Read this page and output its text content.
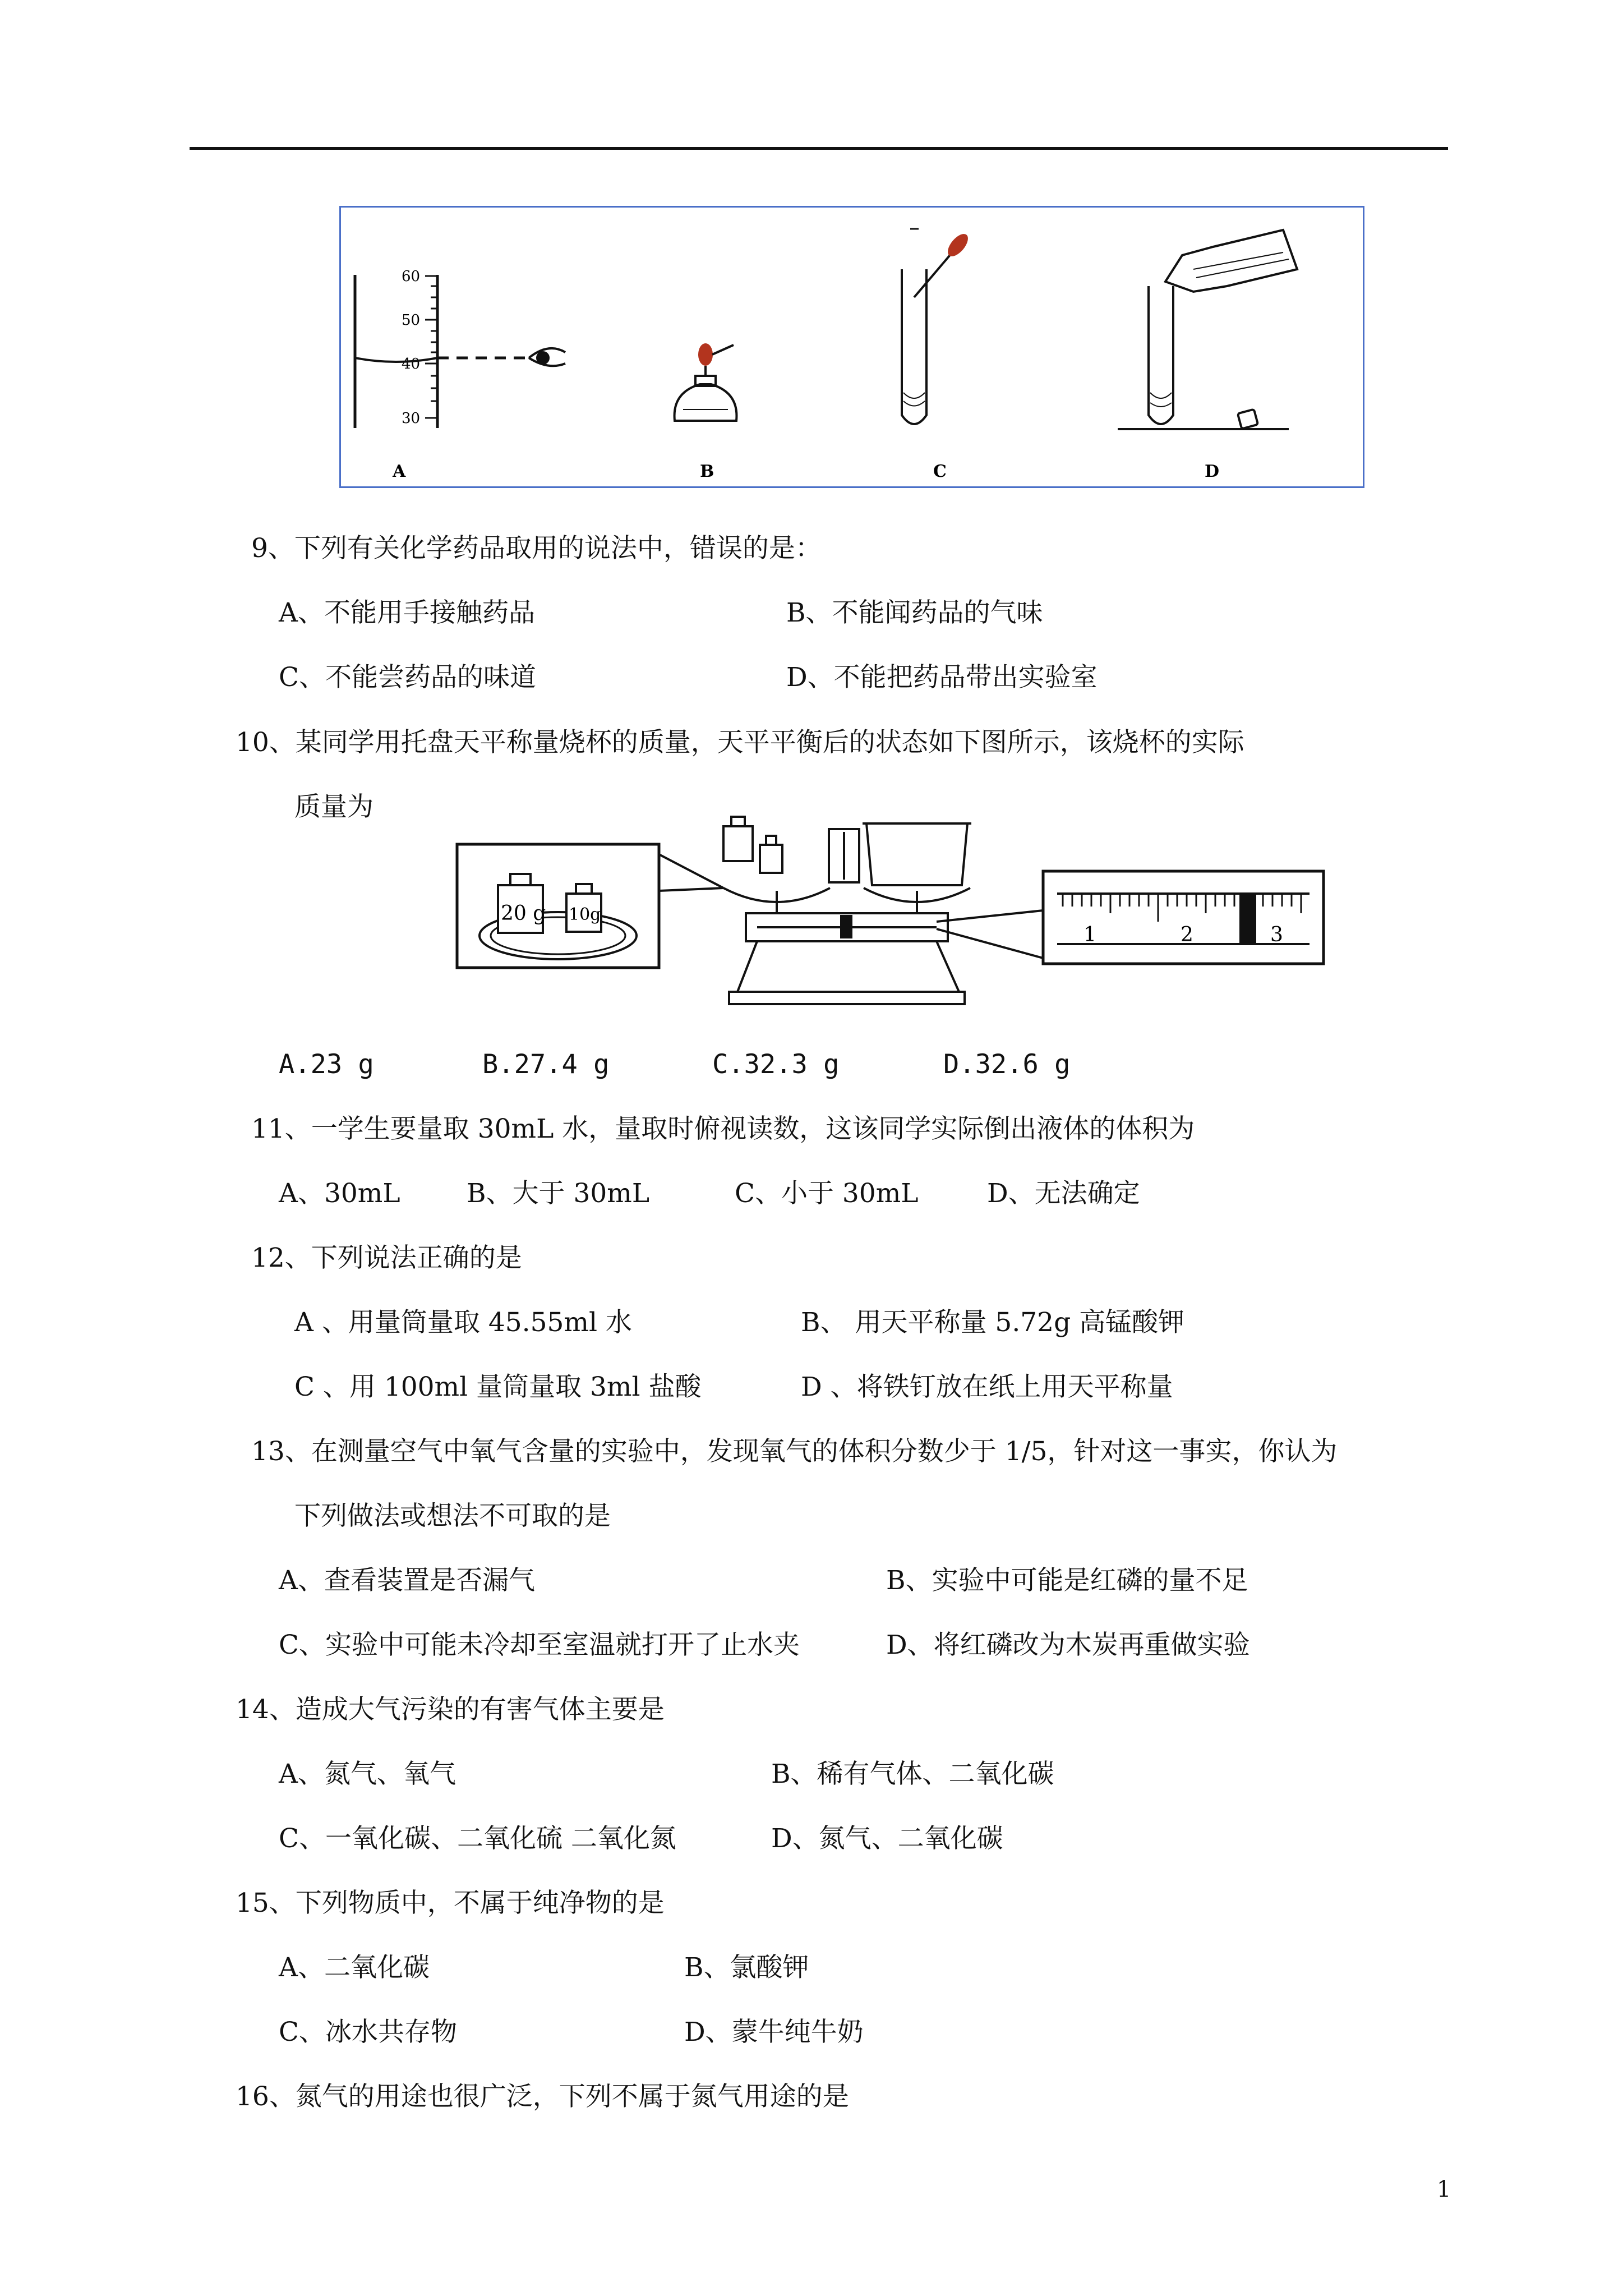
60
50
40
30
A	B	C	D
9、下列有关化学药品取用的说法中，错误的是：
A、不能用手接触药品	B、不能闻药品的气味
C、不能尝药品的味道	D、不能把药品带出实验室
10、某同学用托盘天平称量烧杯的质量，天平平衡后的状态如下图所示，该烧杯的实际
质量为
20 g 10g
1	2	3
A.23 g	B.27.4 g	C.32.3 g	D.32.6 g
11、一学生要量取 30mL 水，量取时俯视读数，这该同学实际倒出液体的体积为
A、30mL	B、大于 30mL	C、小于 30mL	D、无法确定
12、下列说法正确的是
A 、用量筒量取 45.55ml 水	B、 用天平称量 5.72g 高锰酸钾
C 、用 100ml 量筒量取 3ml 盐酸	D 、将铁钉放在纸上用天平称量
13、在测量空气中氧气含量的实验中，发现氧气的体积分数少于 1/5，针对这一事实，你认为
下列做法或想法不可取的是
A、查看装置是否漏气	B、实验中可能是红磷的量不足
C、实验中可能未冷却至室温就打开了止水夹	D、将红磷改为木炭再重做实验
14、造成大气污染的有害气体主要是
A、氮气、氧气	B、稀有气体、二氧化碳
C、一氧化碳、二氧化硫 二氧化氮	D、氮气、二氧化碳
15、下列物质中，不属于纯净物的是
A、二氧化碳	B、氯酸钾
C、冰水共存物	D、蒙牛纯牛奶
16、氮气的用途也很广泛，下列不属于氮气用途的是
1
